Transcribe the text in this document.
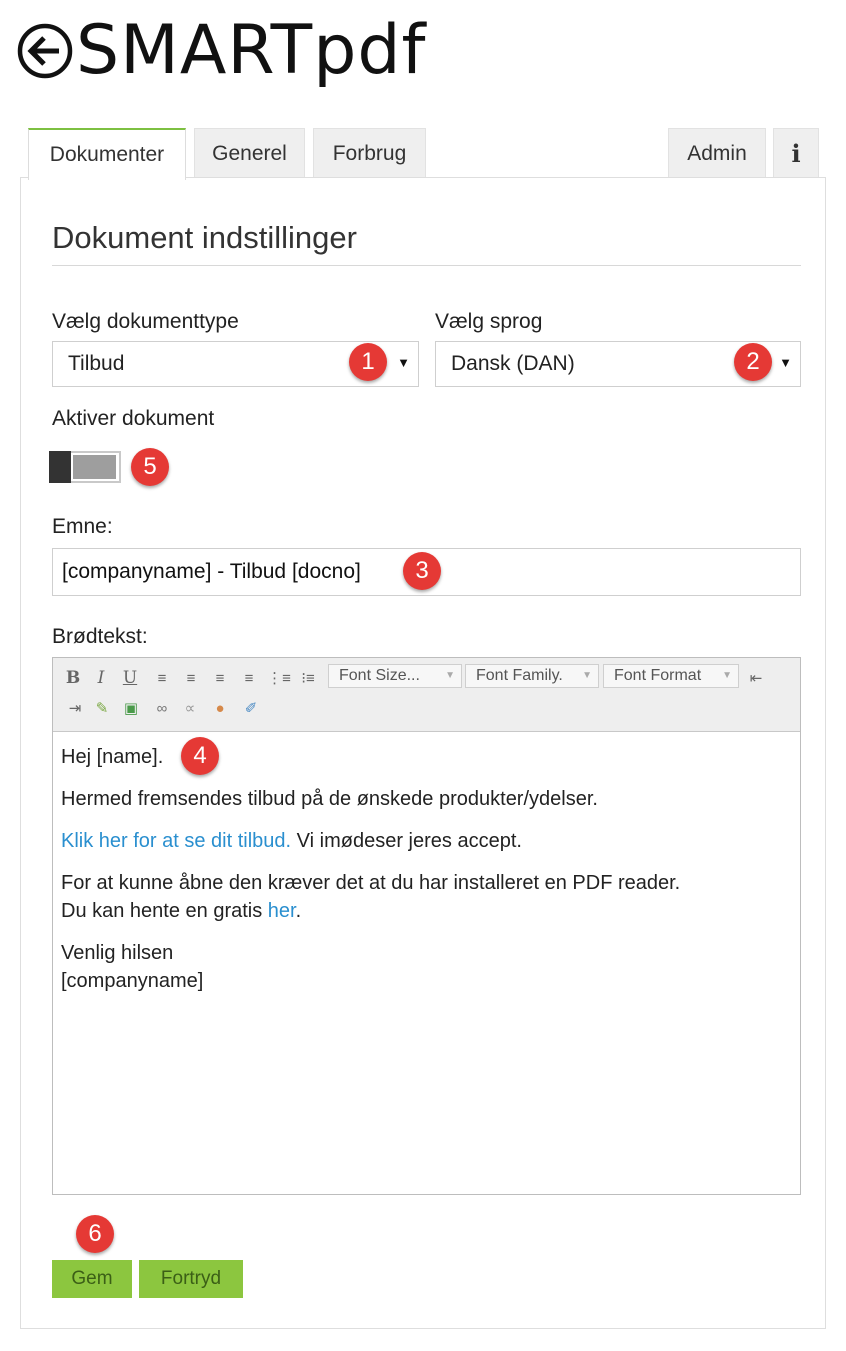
SMARTpdf
Dokumenter	Generel	Forbrug	Admin	i
Dokument indstillinger
Vælg dokumenttype
Tilbud	▼
1
Vælg sprog
Dansk (DAN)	▼
2
Aktiver dokument
5
Emne:
[companyname] - Tilbud [docno]	3
Brødtekst:
B I U	≡	≡	≡	≡ ⋮≡ ⁝≡ Font Size...	▼ Font Family. ▼ Font Format ▼ ⇤
⇥ ✎	▣	∞	∝	●	✐

Hej [name].

Hermed fremsendes tilbud på de ønskede produkter/ydelser.

Klik her for at se dit tilbud. Vi imødeser jeres accept.

For at kunne åbne den kræver det at du har installeret en PDF reader.
Du kan hente en gratis her.

Venlig hilsen
[companyname]

4
6
Gem	Fortryd
